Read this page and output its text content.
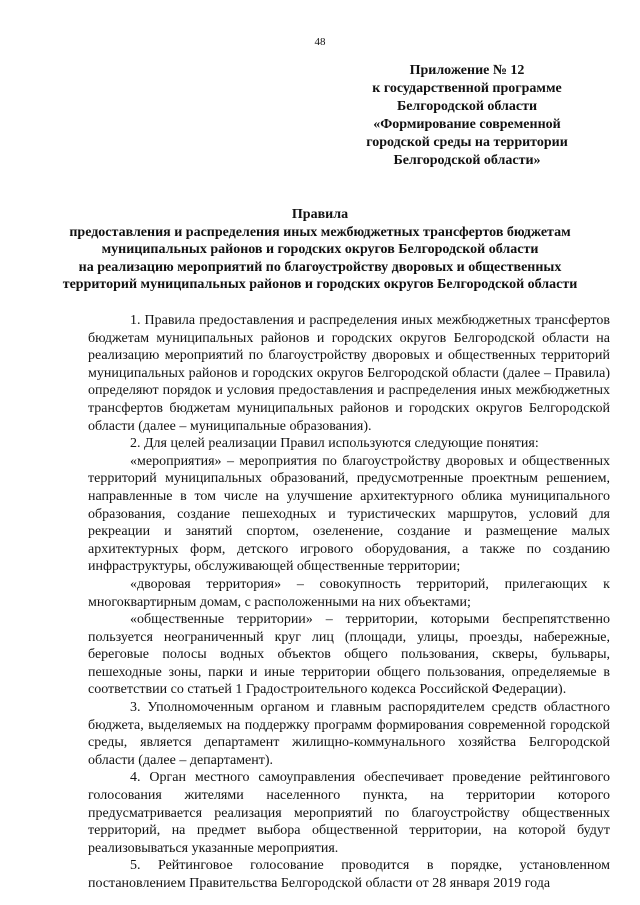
48
Приложение № 12
к государственной программе
Белгородской области
«Формирование современной
городской среды на территории
Белгородской области»
Правила
предоставления и распределения иных межбюджетных трансфертов бюджетам
муниципальных районов и городских округов Белгородской области
на реализацию мероприятий по благоустройству дворовых и общественных
территорий муниципальных районов и городских округов Белгородской области

1. Правила предоставления и распределения иных межбюджетных трансфертов бюджетам муниципальных районов и городских округов Белгородской области на реализацию мероприятий по благоустройству дворовых и общественных территорий муниципальных районов и городских округов Белгородской области (далее – Правила) определяют порядок и условия предоставления и распределения иных межбюджетных трансфертов бюджетам муниципальных районов и городских округов Белгородской области (далее – муниципальные образования).

2. Для целей реализации Правил используются следующие понятия:

«мероприятия» – мероприятия по благоустройству дворовых и общественных территорий муниципальных образований, предусмотренные проектным решением, направленные в том числе на улучшение архитектурного облика муниципального образования, создание пешеходных и туристических маршрутов, условий для рекреации и занятий спортом, озеленение, создание и размещение малых архитектурных форм, детского игрового оборудования, а также по созданию инфраструктуры, обслуживающей общественные территории;

«дворовая территория» – совокупность территорий, прилегающих к многоквартирным домам, с расположенными на них объектами;

«общественные территории» – территории, которыми беспрепятственно пользуется неограниченный круг лиц (площади, улицы, проезды, набережные, береговые полосы водных объектов общего пользования, скверы, бульвары, пешеходные зоны, парки и иные территории общего пользования, определяемые в соответствии со статьей 1 Градостроительного кодекса Российской Федерации).

3. Уполномоченным органом и главным распорядителем средств областного бюджета, выделяемых на поддержку программ формирования современной городской среды, является департамент жилищно-коммунального хозяйства Белгородской области (далее – департамент).

4. Орган местного самоуправления обеспечивает проведение рейтингового голосования жителями населенного пункта, на территории которого предусматривается реализация мероприятий по благоустройству общественных территорий, на предмет выбора общественной территории, на которой будут реализовываться указанные мероприятия.

5. Рейтинговое голосование проводится в порядке, установленном постановлением Правительства Белгородской области от 28 января 2019 года
